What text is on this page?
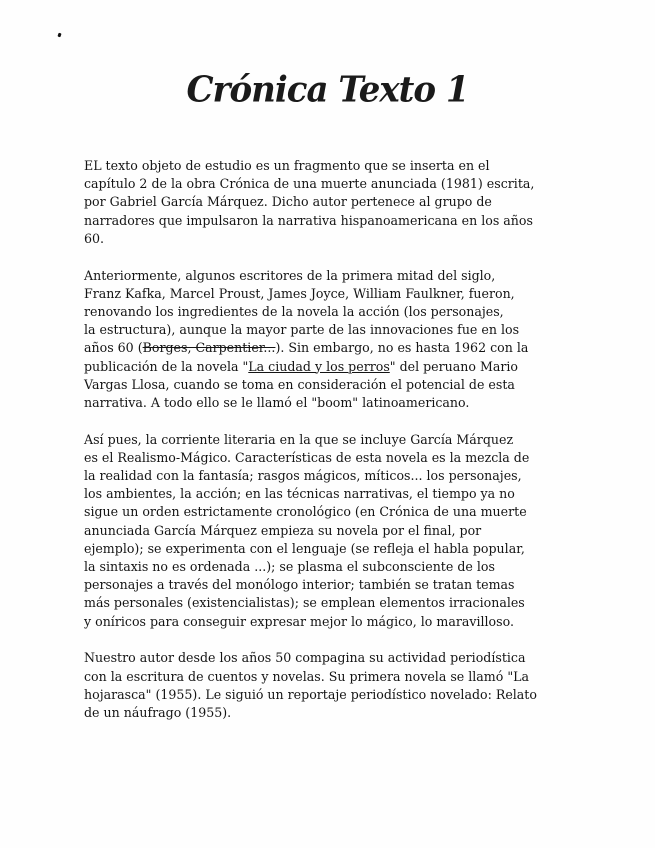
Crónica Texto 1

EL texto objeto de estudio es un fragmento que se inserta en el
capítulo 2 de la obra Crónica de una muerte anunciada (1981) escrita,
por Gabriel García Márquez. Dicho autor pertenece al grupo de
narradores que impulsaron la narrativa hispanoamericana en los años
60.

Anteriormente, algunos escritores de la primera mitad del siglo,
Franz Kafka, Marcel Proust, James Joyce, William Faulkner, fueron,
renovando los ingredientes de la novela la acción (los personajes,
la estructura), aunque la mayor parte de las innovaciones fue en los
años 60 (Borges, Carpentier...). Sin embargo, no es hasta 1962 con la
publicación de la novela "La ciudad y los perros" del peruano Mario
Vargas Llosa, cuando se toma en consideración el potencial de esta
narrativa. A todo ello se le llamó el "boom" latinoamericano.

Así pues, la corriente literaria en la que se incluye García Márquez
es el Realismo-Mágico. Características de esta novela es la mezcla de
la realidad con la fantasía; rasgos mágicos, míticos... los personajes,
los ambientes, la acción; en las técnicas narrativas, el tiempo ya no
sigue un orden estrictamente cronológico (en Crónica de una muerte
anunciada García Márquez empieza su novela por el final, por
ejemplo); se experimenta con el lenguaje (se refleja el habla popular,
la sintaxis no es ordenada ...); se plasma el subconsciente de los
personajes a través del monólogo interior; también se tratan temas
más personales (existencialistas); se emplean elementos irracionales
y oníricos para conseguir expresar mejor lo mágico, lo maravilloso.

Nuestro autor desde los años 50 compagina su actividad periodística
con la escritura de cuentos y novelas. Su primera novela se llamó "La
hojarasca" (1955). Le siguió un reportaje periodístico novelado: Relato
de un náufrago (1955).
